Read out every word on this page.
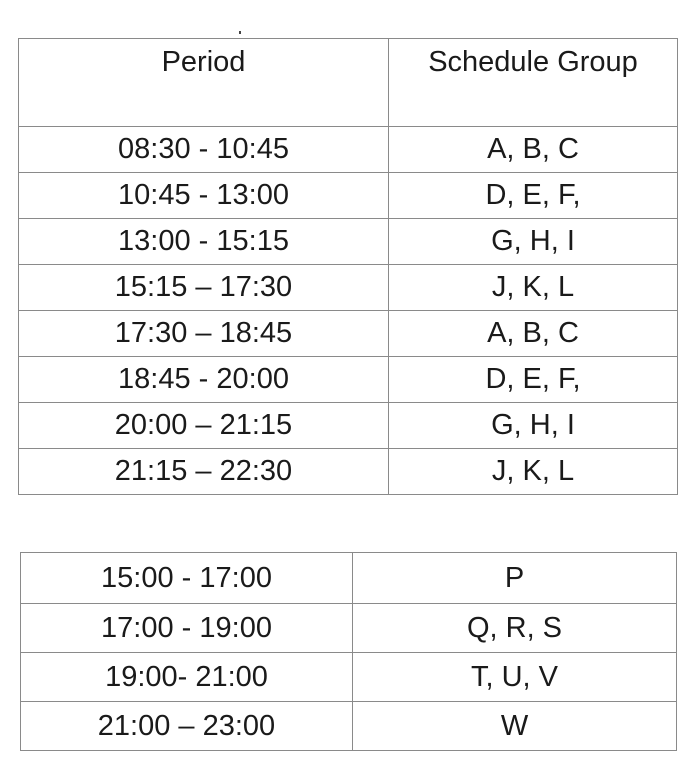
Period	Schedule Group
08:30 - 10:45	A, B, C
10:45 - 13:00	D, E, F,
13:00 - 15:15	G, H, I
15:15 – 17:30	J, K, L
17:30 – 18:45	A, B, C
18:45 - 20:00	D, E, F,
20:00 – 21:15	G, H, I
21:15 – 22:30	J, K, L
15:00 - 17:00	P
17:00 - 19:00	Q, R, S
19:00- 21:00	T, U, V
21:00 – 23:00	W
